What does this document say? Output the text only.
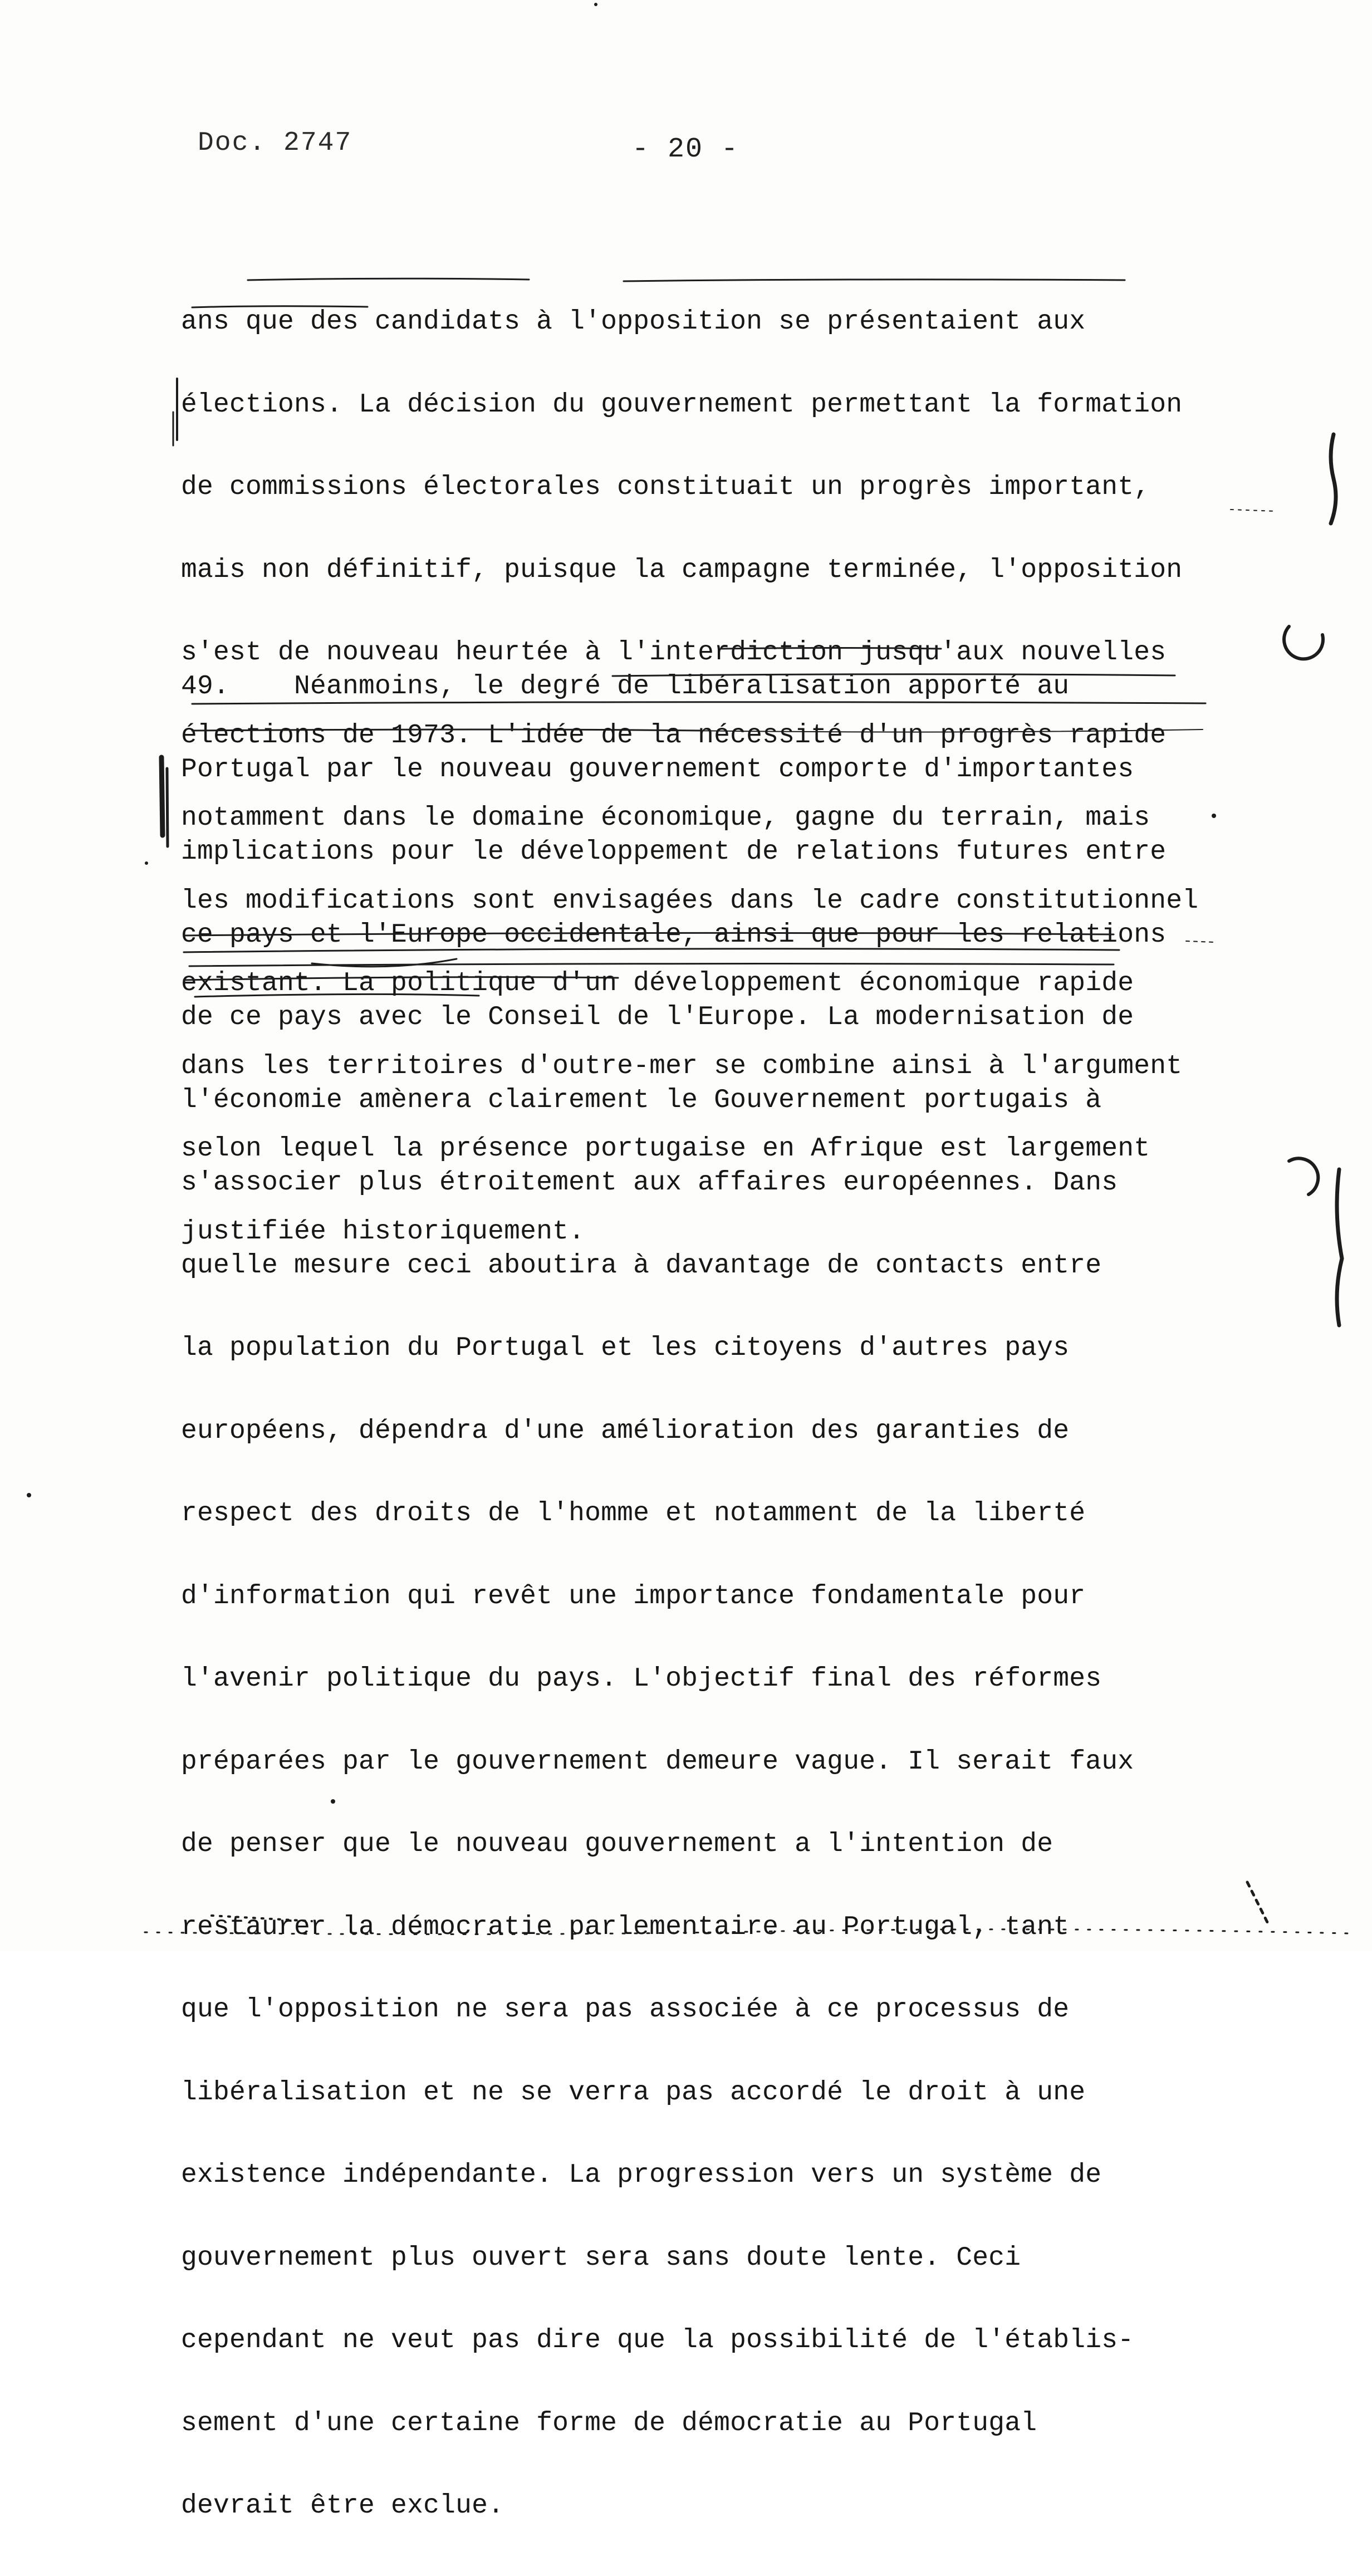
Doc. 2747	- 20 -

ans que des candidats à l'opposition se présentaient aux

élections. La décision du gouvernement permettant la formation

de commissions électorales constituait un progrès important,

mais non définitif, puisque la campagne terminée, l'opposition

s'est de nouveau heurtée à l'interdiction jusqu'aux nouvelles

élections de 1973. L'idée de la nécessité d'un progrès rapide

notamment dans le domaine économique, gagne du terrain, mais

les modifications sont envisagées dans le cadre constitutionnel

existant. La politique d'un développement économique rapide

dans les territoires d'outre-mer se combine ainsi à l'argument

selon lequel la présence portugaise en Afrique est largement

justifiée historiquement.

49.    Néanmoins, le degré de libéralisation apporté au

Portugal par le nouveau gouvernement comporte d'importantes

implications pour le développement de relations futures entre

ce pays et l'Europe occidentale, ainsi que pour les relations

de ce pays avec le Conseil de l'Europe. La modernisation de

l'économie amènera clairement le Gouvernement portugais à

s'associer plus étroitement aux affaires européennes. Dans

quelle mesure ceci aboutira à davantage de contacts entre

la population du Portugal et les citoyens d'autres pays

européens, dépendra d'une amélioration des garanties de

respect des droits de l'homme et notamment de la liberté

d'information qui revêt une importance fondamentale pour

l'avenir politique du pays. L'objectif final des réformes

préparées par le gouvernement demeure vague. Il serait faux

de penser que le nouveau gouvernement a l'intention de

restaurer la démocratie parlementaire au Portugal, tant

que l'opposition ne sera pas associée à ce processus de

libéralisation et ne se verra pas accordé le droit à une

existence indépendante. La progression vers un système de

gouvernement plus ouvert sera sans doute lente. Ceci

cependant ne veut pas dire que la possibilité de l'établis-

sement d'une certaine forme de démocratie au Portugal

devrait être exclue.
